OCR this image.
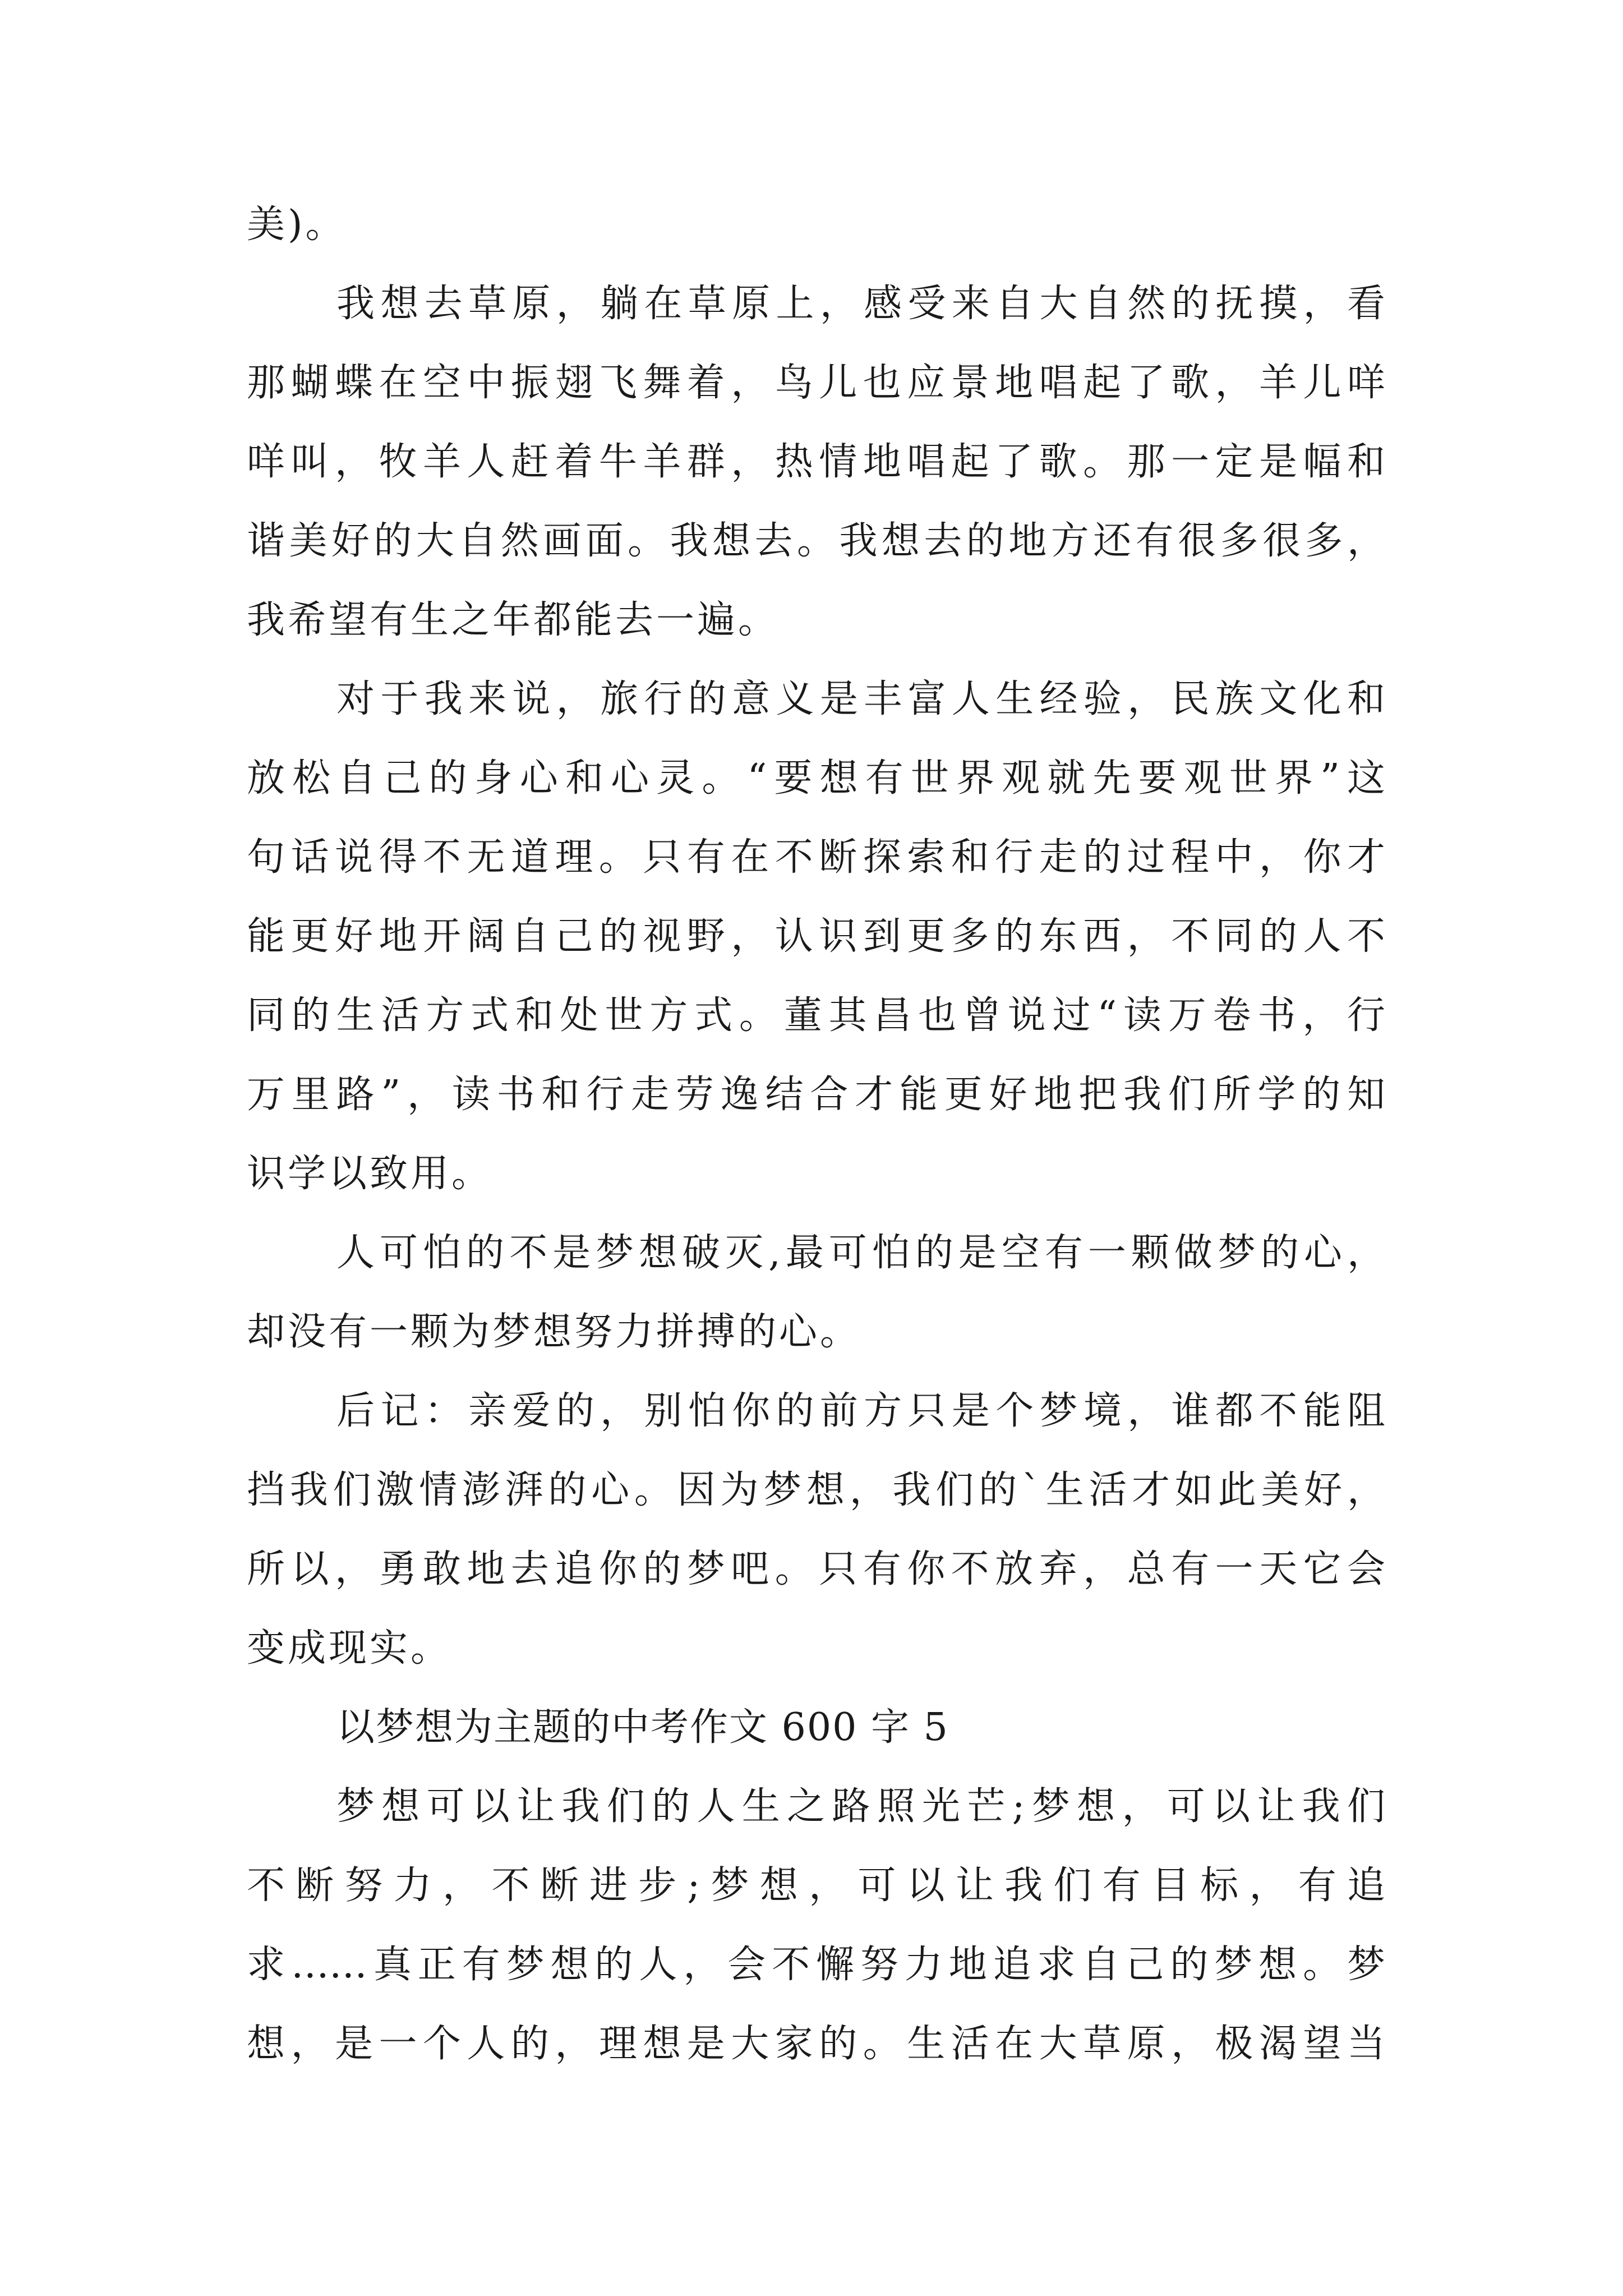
美)。
我想去草原，躺在草原上，感受来自大自然的抚摸，看
那蝴蝶在空中振翅飞舞着，鸟儿也应景地唱起了歌，羊儿咩
咩叫，牧羊人赶着牛羊群，热情地唱起了歌。那一定是幅和
谐美好的大自然画面。我想去。我想去的地方还有很多很多，
我希望有生之年都能去一遍。
对于我来说，旅行的意义是丰富人生经验，民族文化和
放松自己的身心和心灵。“要想有世界观就先要观世界”这
句话说得不无道理。只有在不断探索和行走的过程中，你才
能更好地开阔自己的视野，认识到更多的东西，不同的人不
同的生活方式和处世方式。董其昌也曾说过“读万卷书，行
万里路”，读书和行走劳逸结合才能更好地把我们所学的知
识学以致用。
人可怕的不是梦想破灭,最可怕的是空有一颗做梦的心，
却没有一颗为梦想努力拼搏的心。
后记：亲爱的，别怕你的前方只是个梦境，谁都不能阻
挡我们激情澎湃的心。因为梦想，我们的`生活才如此美好，
所以，勇敢地去追你的梦吧。只有你不放弃，总有一天它会
变成现实。
以梦想为主题的中考作文 600 字 5
梦想可以让我们的人生之路照光芒;梦想，可以让我们
不断努力，不断进步;梦想，可以让我们有目标，有追
求……真正有梦想的人，会不懈努力地追求自己的梦想。梦
想，是一个人的，理想是大家的。生活在大草原，极渴望当
